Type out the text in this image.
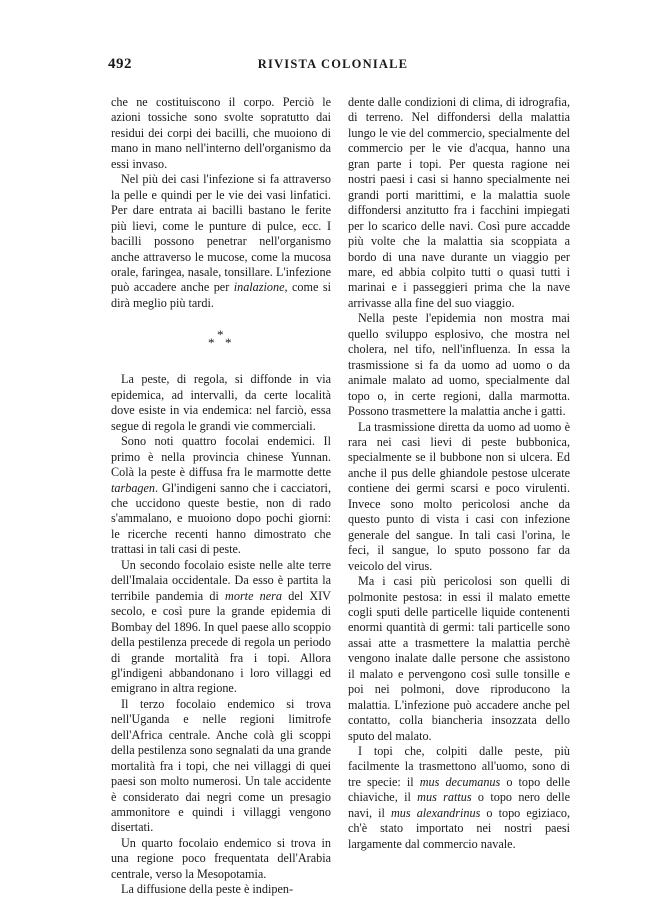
492	RIVISTA COLONIALE

che ne costituiscono il corpo. Perciò le azioni tossiche sono svolte sopratutto dai residui dei corpi dei bacilli, che muoiono di mano in mano nell'interno dell'organismo da essi invaso.

Nel più dei casi l'infezione si fa attraverso la pelle e quindi per le vie dei vasi linfatici. Per dare entrata ai bacilli bastano le ferite più lievi, come le punture di pulce, ecc. I bacilli possono penetrar nell'organismo anche attraverso le mucose, come la mucosa orale, faringea, nasale, tonsillare. L'infezione può accadere anche per inalazione, come si dirà meglio più tardi.

*
*
*

La peste, di regola, si diffonde in via epidemica, ad intervalli, da certe località dove esiste in via endemica: nel farciò, essa segue di regola le grandi vie commerciali.

Sono noti quattro focolai endemici. Il primo è nella provincia chinese Yunnan. Colà la peste è diffusa fra le marmotte dette tarbagen. Gl'indigeni sanno che i cacciatori, che uccidono queste bestie, non di rado s'ammalano, e muoiono dopo pochi giorni: le ricerche recenti hanno dimostrato che trattasi in tali casi di peste.

Un secondo focolaio esiste nelle alte terre dell'Imalaia occidentale. Da esso è partita la terribile pandemia di morte nera del XIV secolo, e così pure la grande epidemia di Bombay del 1896. In quel paese allo scoppio della pestilenza precede di regola un periodo di grande mortalità fra i topi. Allora gl'indigeni abbandonano i loro villaggi ed emigrano in altra regione.

Il terzo focolaio endemico si trova nell'Uganda e nelle regioni limitrofe dell'Africa centrale. Anche colà gli scoppi della pestilenza sono segnalati da una grande mortalità fra i topi, che nei villaggi di quei paesi son molto numerosi. Un tale accidente è considerato dai negri come un presagio ammonitore e quindi i villaggi vengono disertati.

Un quarto focolaio endemico si trova in una regione poco frequentata dell'Arabia centrale, verso la Mesopotamia.

La diffusione della peste è indipen-

dente dalle condizioni di clima, di idrografia, di terreno. Nel diffondersi della malattia lungo le vie del commercio, specialmente del commercio per le vie d'acqua, hanno una gran parte i topi. Per questa ragione nei nostri paesi i casi si hanno specialmente nei grandi porti marittimi, e la malattia suole diffondersi anzitutto fra i facchini impiegati per lo scarico delle navi. Così pure accadde più volte che la malattia sia scoppiata a bordo di una nave durante un viaggio per mare, ed abbia colpito tutti o quasi tutti i marinai e i passeggieri prima che la nave arrivasse alla fine del suo viaggio.

Nella peste l'epidemia non mostra mai quello sviluppo esplosivo, che mostra nel cholera, nel tifo, nell'influenza. In essa la trasmissione si fa da uomo ad uomo o da animale malato ad uomo, specialmente dal topo o, in certe regioni, dalla marmotta. Possono trasmettere la malattia anche i gatti.

La trasmissione diretta da uomo ad uomo è rara nei casi lievi di peste bubbonica, specialmente se il bubbone non si ulcera. Ed anche il pus delle ghiandole pestose ulcerate contiene dei germi scarsi e poco virulenti. Invece sono molto pericolosi anche da questo punto di vista i casi con infezione generale del sangue. In tali casi l'orina, le feci, il sangue, lo sputo possono far da veicolo del virus.

Ma i casi più pericolosi son quelli di polmonite pestosa: in essi il malato emette cogli sputi delle particelle liquide contenenti enormi quantità di germi: tali particelle sono assai atte a trasmettere la malattia perchè vengono inalate dalle persone che assistono il malato e pervengono così sulle tonsille e poi nei polmoni, dove riproducono la malattia. L'infezione può accadere anche pel contatto, colla biancheria insozzata dello sputo del malato.

I topi che, colpiti dalle peste, più facilmente la trasmettono all'uomo, sono di tre specie: il mus decumanus o topo delle chiaviche, il mus rattus o topo nero delle navi, il mus alexandrinus o topo egiziaco, ch'è stato importato nei nostri paesi largamente dal commercio navale.
